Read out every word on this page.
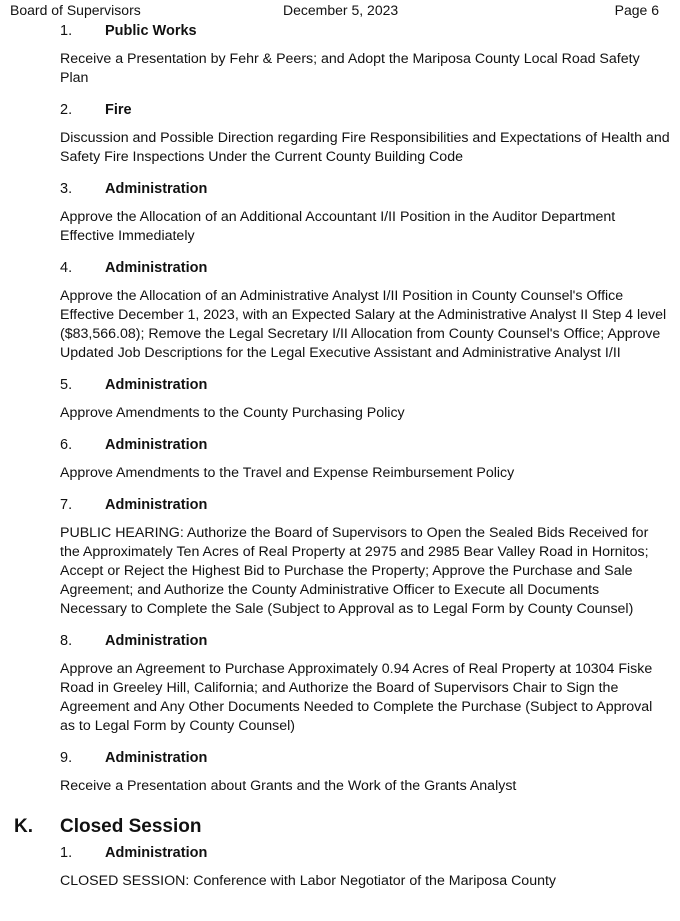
Board of Supervisors	December 5, 2023	Page 6
1. Public Works
Receive a Presentation by Fehr & Peers; and Adopt the Mariposa County Local Road Safety Plan
2. Fire
Discussion and Possible Direction regarding Fire Responsibilities and Expectations of Health and Safety Fire Inspections Under the Current County Building Code
3. Administration
Approve the Allocation of an Additional Accountant I/II Position in the Auditor Department Effective Immediately
4. Administration
Approve the Allocation of an Administrative Analyst I/II Position in County Counsel's Office Effective December 1, 2023, with an Expected Salary at the Administrative Analyst II Step 4 level ($83,566.08); Remove the Legal Secretary I/II Allocation from County Counsel's Office; Approve Updated Job Descriptions for the Legal Executive Assistant and Administrative Analyst I/II
5. Administration
Approve Amendments to the County Purchasing Policy
6. Administration
Approve Amendments to the Travel and Expense Reimbursement Policy
7. Administration
PUBLIC HEARING: Authorize the Board of Supervisors to Open the Sealed Bids Received for the Approximately Ten Acres of Real Property at 2975 and 2985 Bear Valley Road in Hornitos; Accept or Reject the Highest Bid to Purchase the Property; Approve the Purchase and Sale Agreement; and Authorize the County Administrative Officer to Execute all Documents Necessary to Complete the Sale (Subject to Approval as to Legal Form by County Counsel)
8. Administration
Approve an Agreement to Purchase Approximately 0.94 Acres of Real Property at 10304 Fiske Road in Greeley Hill, California; and Authorize the Board of Supervisors Chair to Sign the Agreement and Any Other Documents Needed to Complete the Purchase (Subject to Approval as to Legal Form by County Counsel)
9. Administration
Receive a Presentation about Grants and the Work of the Grants Analyst
K. Closed Session
1. Administration
CLOSED SESSION: Conference with Labor Negotiator of the Mariposa County
